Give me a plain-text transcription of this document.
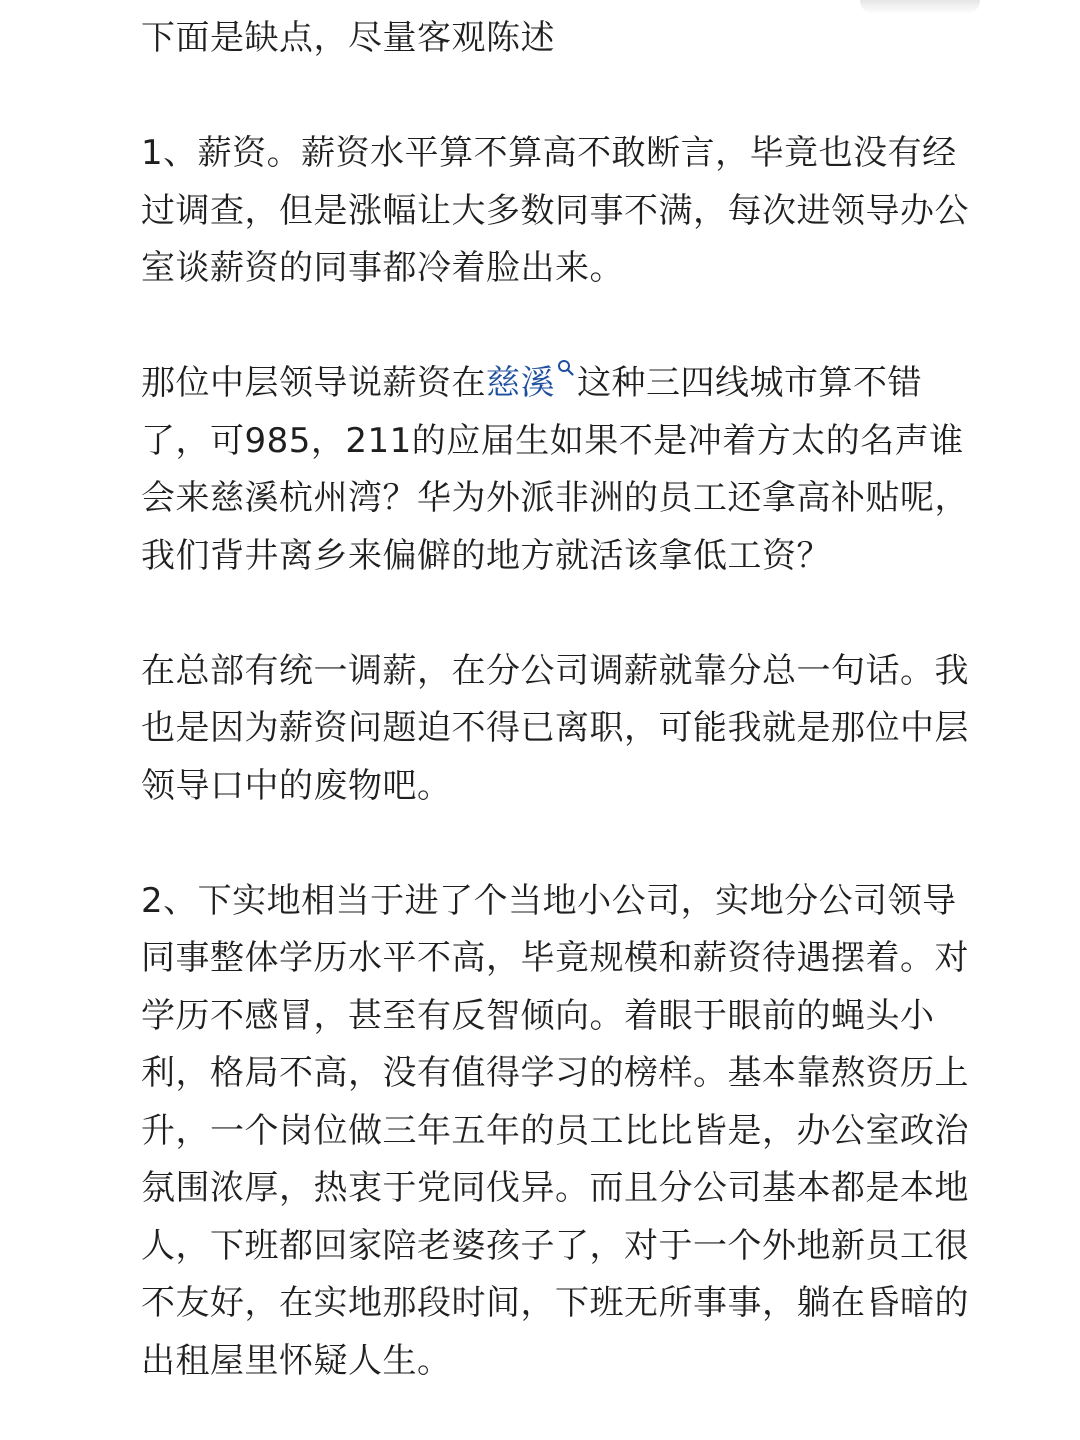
下面是缺点，尽量客观陈述

1、薪资。薪资水平算不算高不敢断言，毕竟也没有经过调查，但是涨幅让大多数同事不满，每次进领导办公室谈薪资的同事都冷着脸出来。

那位中层领导说薪资在慈溪 这种三四线城市算不错了，可985，211的应届生如果不是冲着方太的名声谁会来慈溪杭州湾？华为外派非洲的员工还拿高补贴呢，我们背井离乡来偏僻的地方就活该拿低工资？

在总部有统一调薪，在分公司调薪就靠分总一句话。我也是因为薪资问题迫不得已离职，可能我就是那位中层领导口中的废物吧。

2、下实地相当于进了个当地小公司，实地分公司领导同事整体学历水平不高，毕竟规模和薪资待遇摆着。对学历不感冒，甚至有反智倾向。着眼于眼前的蝇头小利，格局不高，没有值得学习的榜样。基本靠熬资历上升，一个岗位做三年五年的员工比比皆是，办公室政治氛围浓厚，热衷于党同伐异。而且分公司基本都是本地人，下班都回家陪老婆孩子了，对于一个外地新员工很不友好，在实地那段时间，下班无所事事，躺在昏暗的出租屋里怀疑人生。
